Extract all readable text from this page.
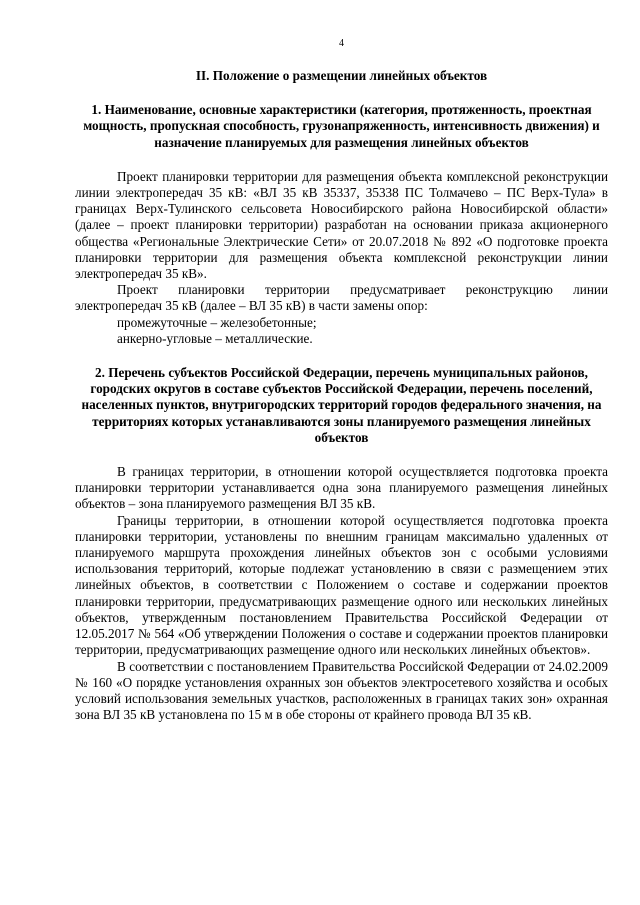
4
II. Положение о размещении линейных объектов
1. Наименование, основные характеристики (категория, протяженность, проектная мощность, пропускная способность, грузонапряженность, интенсивность движения) и назначение планируемых для размещения линейных объектов

Проект планировки территории для размещения объекта комплексной реконструкции линии электропередач 35 кВ: «ВЛ 35 кВ 35337, 35338 ПС Толмачево – ПС Верх-Тула» в границах Верх-Тулинского сельсовета Новосибирского района Новосибирской области» (далее – проект планировки территории) разработан на основании приказа акционерного общества «Региональные Электрические Сети» от 20.07.2018 № 892 «О подготовке проекта планировки территории для размещения объекта комплексной реконструкции линии электропередач 35 кВ».

Проект планировки территории предусматривает реконструкцию линии электропередач 35 кВ (далее – ВЛ 35 кВ) в части замены опор:

промежуточные – железобетонные;

анкерно-угловые – металлические.

2. Перечень субъектов Российской Федерации, перечень муниципальных районов, городских округов в составе субъектов Российской Федерации, перечень поселений, населенных пунктов, внутригородских территорий городов федерального значения, на территориях которых устанавливаются зоны планируемого размещения линейных объектов

В границах территории, в отношении которой осуществляется подготовка проекта планировки территории устанавливается одна зона планируемого размещения линейных объектов – зона планируемого размещения ВЛ 35 кВ.

Границы территории, в отношении которой осуществляется подготовка проекта планировки территории, установлены по внешним границам максимально удаленных от планируемого маршрута прохождения линейных объектов зон с особыми условиями использования территорий, которые подлежат установлению в связи с размещением этих линейных объектов, в соответствии с Положением о составе и содержании проектов планировки территории, предусматривающих размещение одного или нескольких линейных объектов, утвержденным постановлением Правительства Российской Федерации от 12.05.2017 № 564 «Об утверждении Положения о составе и содержании проектов планировки территории, предусматривающих размещение одного или нескольких линейных объектов».

В соответствии с постановлением Правительства Российской Федерации от 24.02.2009 № 160 «О порядке установления охранных зон объектов электросетевого хозяйства и особых условий использования земельных участков, расположенных в границах таких зон» охранная зона ВЛ 35 кВ установлена по 15 м в обе стороны от крайнего провода ВЛ 35 кВ.
